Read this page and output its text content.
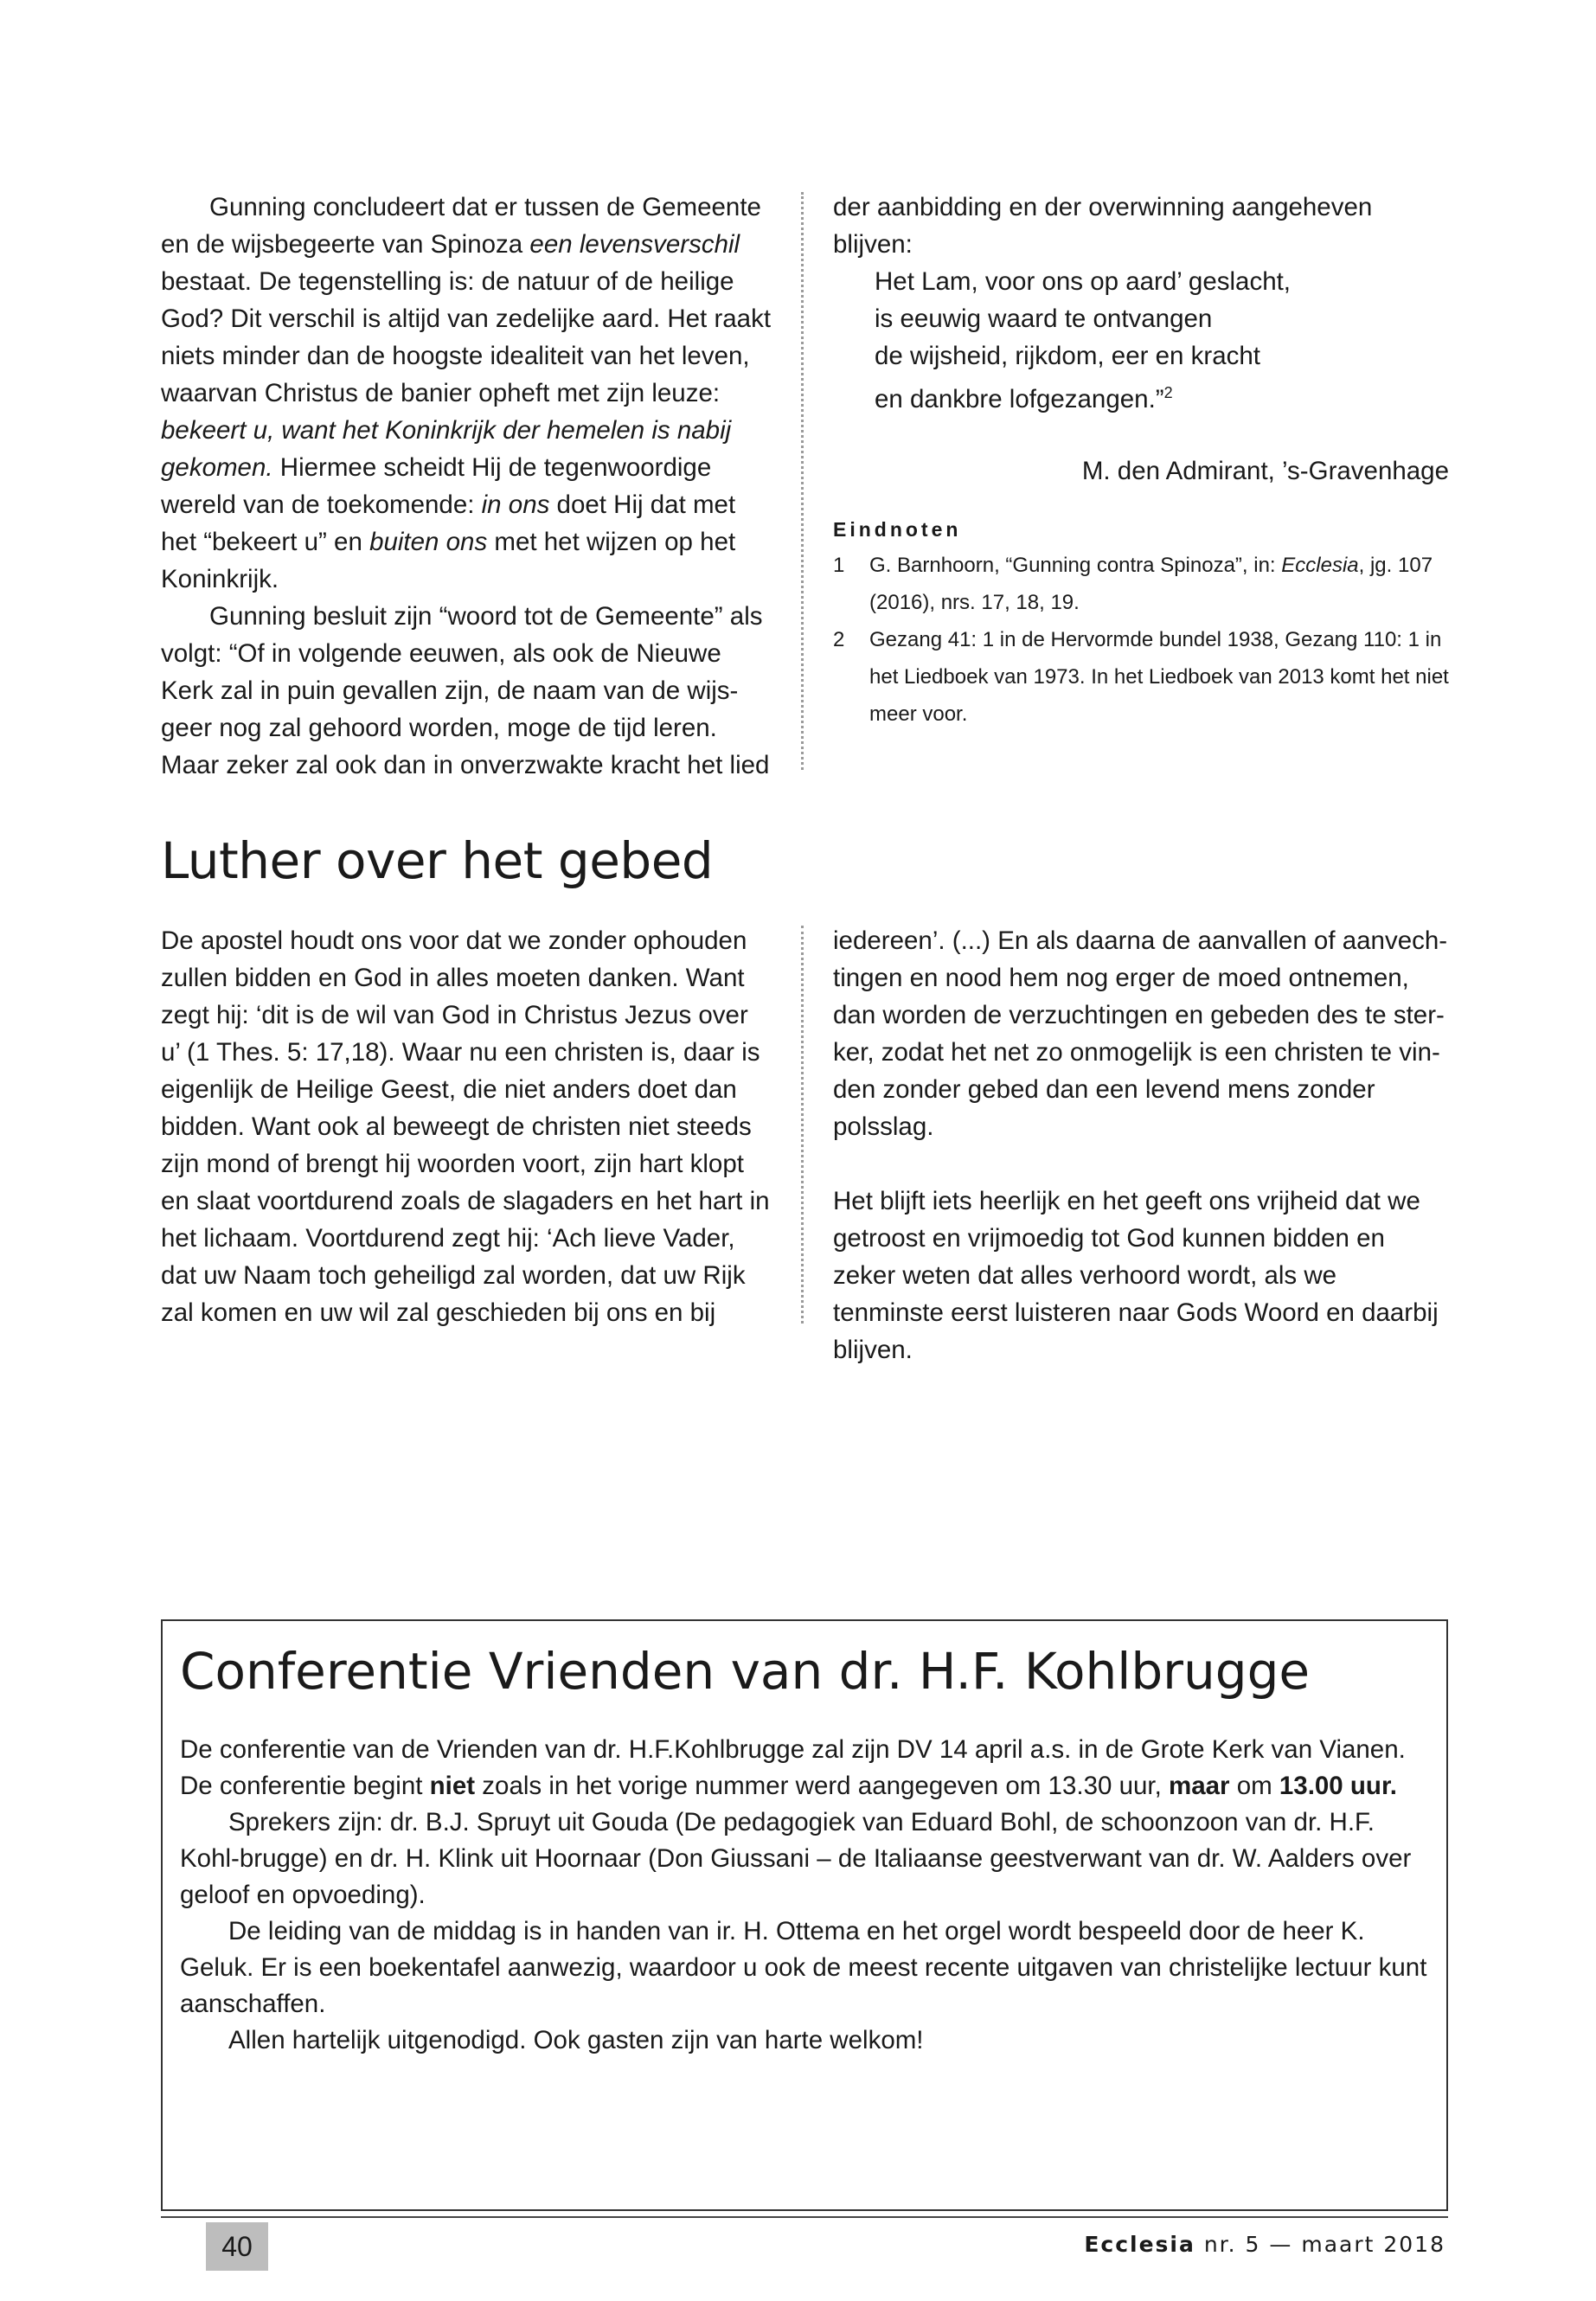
Gunning concludeert dat er tussen de Gemeente en de wijsbegeerte van Spinoza een levensverschil bestaat. De tegenstelling is: de natuur of de heilige God? Dit verschil is altijd van zedelijke aard. Het raakt niets minder dan de hoogste idealiteit van het leven, waarvan Christus de banier opheft met zijn leuze: bekeert u, want het Koninkrijk der hemelen is nabij gekomen. Hiermee scheidt Hij de tegenwoordige wereld van de toekomende: in ons doet Hij dat met het “bekeert u” en buiten ons met het wijzen op het Koninkrijk.

Gunning besluit zijn “woord tot de Gemeente” als volgt: “Of in volgende eeuwen, als ook de Nieuwe Kerk zal in puin gevallen zijn, de naam van de wijs-geer nog zal gehoord worden, moge de tijd leren. Maar zeker zal ook dan in onverzwakte kracht het lied

der aanbidding en der overwinning aangeheven blijven:

Het Lam, voor ons op aard’ geslacht,

is eeuwig waard te ontvangen

de wijsheid, rijkdom, eer en kracht

en dankbre lofgezangen.”$^2$

M. den Admirant, ’s-Gravenhage

Eindnoten

1 G. Barnhoorn, “Gunning contra Spinoza”, in: Ecclesia, jg. 107 (2016), nrs. 17, 18, 19.

2 Gezang 41: 1 in de Hervormde bundel 1938, Gezang 110: 1 in het Liedboek van 1973. In het Liedboek van 2013 komt het niet meer voor.

Luther over het gebed

De apostel houdt ons voor dat we zonder ophouden zullen bidden en God in alles moeten danken. Want zegt hij: ‘dit is de wil van God in Christus Jezus over u’ (1 Thes. 5: 17,18). Waar nu een christen is, daar is eigenlijk de Heilige Geest, die niet anders doet dan bidden. Want ook al beweegt de christen niet steeds zijn mond of brengt hij woorden voort, zijn hart klopt en slaat voortdurend zoals de slagaders en het hart in het lichaam. Voortdurend zegt hij: ‘Ach lieve Vader, dat uw Naam toch geheiligd zal worden, dat uw Rijk zal komen en uw wil zal geschieden bij ons en bij

iedereen’. (...) En als daarna de aanvallen of aanvech-tingen en nood hem nog erger de moed ontnemen, dan worden de verzuchtingen en gebeden des te ster-ker, zodat het net zo onmogelijk is een christen te vin-den zonder gebed dan een levend mens zonder polsslag.

Het blijft iets heerlijk en het geeft ons vrijheid dat we getroost en vrijmoedig tot God kunnen bidden en zeker weten dat alles verhoord wordt, als we tenminste eerst luisteren naar Gods Woord en daarbij blijven.

Conferentie Vrienden van dr. H.F. Kohlbrugge

De conferentie van de Vrienden van dr. H.F.Kohlbrugge zal zijn DV 14 april a.s. in de Grote Kerk van Vianen.

De conferentie begint niet zoals in het vorige nummer werd aangegeven om 13.30 uur, maar om 13.00 uur.

Sprekers zijn: dr. B.J. Spruyt uit Gouda (De pedagogiek van Eduard Bohl, de schoonzoon van dr. H.F. Kohl-brugge) en dr. H. Klink uit Hoornaar (Don Giussani – de Italiaanse geestverwant van dr. W. Aalders over geloof en opvoeding).

De leiding van de middag is in handen van ir. H. Ottema en het orgel wordt bespeeld door de heer K. Geluk. Er is een boekentafel aanwezig, waardoor u ook de meest recente uitgaven van christelijke lectuur kunt aanschaffen.

Allen hartelijk uitgenodigd. Ook gasten zijn van harte welkom!

40	Ecclesia nr. 5 — maart 2018
